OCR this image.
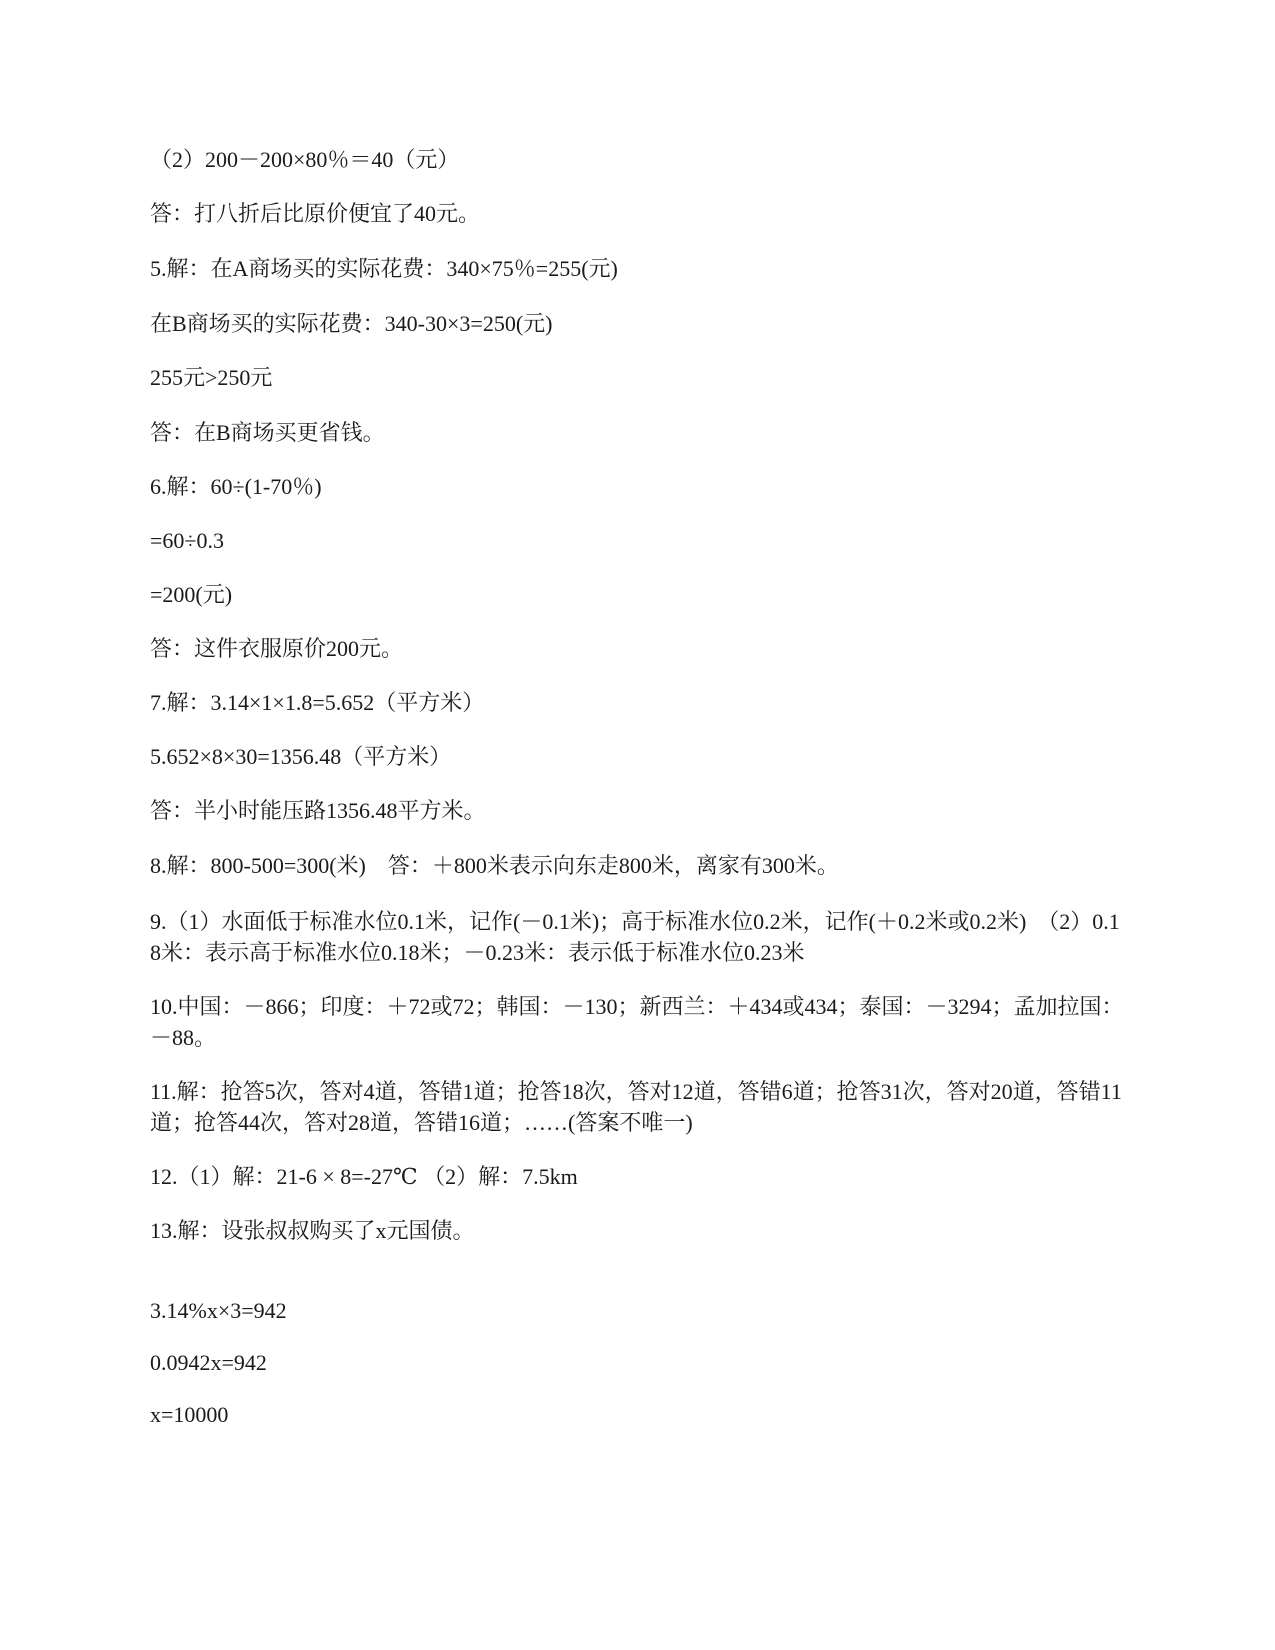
（2）200－200×80％＝40（元）
答：打八折后比原价便宜了40元。
5.解：在A商场买的实际花费：340×75％=255(元)
在B商场买的实际花费：340-30×3=250(元)
255元>250元
答：在B商场买更省钱。
6.解：60÷(1-70％)
=60÷0.3
=200(元)
答：这件衣服原价200元。
7.解：3.14×1×1.8=5.652（平方米）
5.652×8×30=1356.48（平方米）
答：半小时能压路1356.48平方米。
8.解：800-500=300(米)　答：＋800米表示向东走800米，离家有300米。
9.（1）水面低于标准水位0.1米，记作(－0.1米)；高于标准水位0.2米，记作(＋0.2米或0.2米)　（2）0.18米：表示高于标准水位0.18米；－0.23米：表示低于标准水位0.23米
10.中国：－866；印度：＋72或72；韩国：－130；新西兰：＋434或434；泰国：－3294；孟加拉国：－88。
11.解：抢答5次，答对4道，答错1道；抢答18次，答对12道，答错6道；抢答31次，答对20道，答错11道；抢答44次，答对28道，答错16道；……(答案不唯一)
12.（1）解：21-6 × 8=-27℃ （2）解：7.5km
13.解：设张叔叔购买了x元国债。
3.14%x×3=942
0.0942x=942
x=10000
